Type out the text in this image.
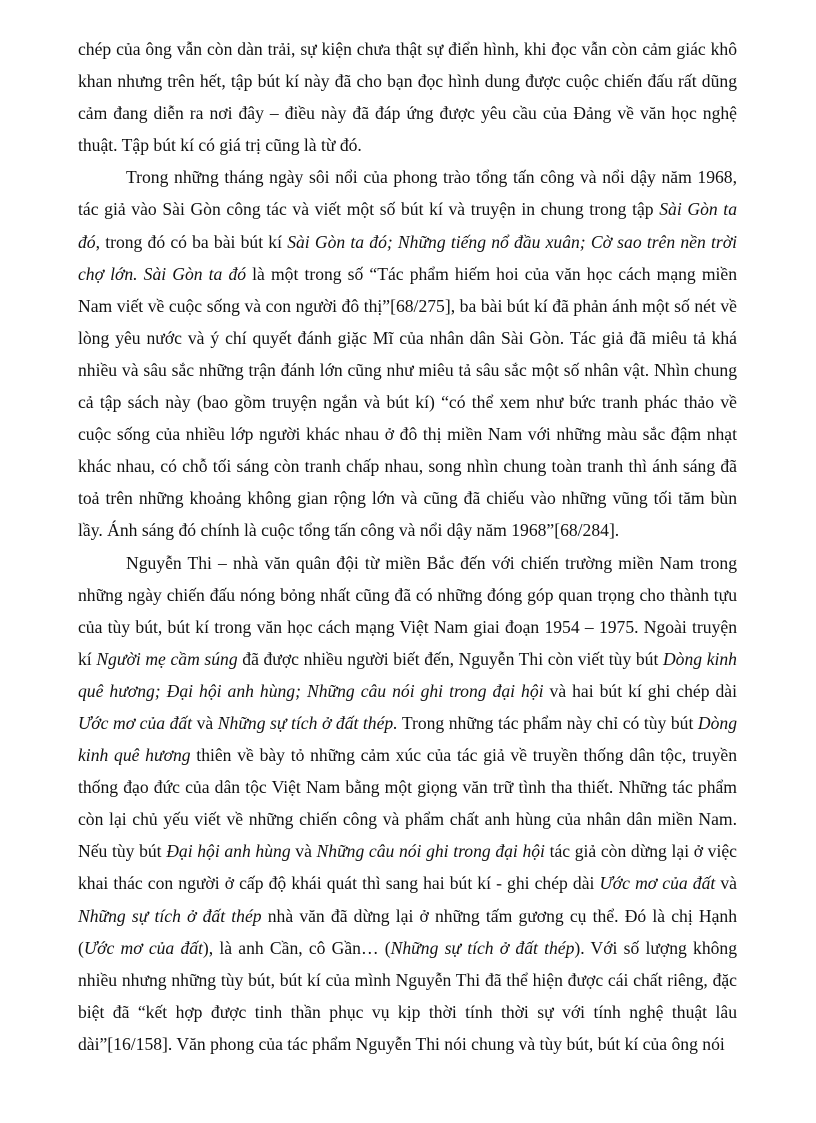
chép của ông vẫn còn dàn trải, sự kiện chưa thật sự điển hình, khi đọc vẫn còn cảm giác khô khan nhưng trên hết, tập bút kí này đã cho bạn đọc hình dung được cuộc chiến đấu rất dũng cảm đang diễn ra nơi đây – điều này đã đáp ứng được yêu cầu của Đảng về văn học nghệ thuật. Tập bút kí có giá trị cũng là từ đó.

Trong những tháng ngày sôi nổi của phong trào tổng tấn công và nổi dậy năm 1968, tác giả vào Sài Gòn công tác và viết một số bút kí và truyện in chung trong tập Sài Gòn ta đó, trong đó có ba bài bút kí Sài Gòn ta đó; Những tiếng nổ đầu xuân; Cờ sao trên nền trời chợ lớn. Sài Gòn ta đó là một trong số “Tác phẩm hiếm hoi của văn học cách mạng miền Nam viết về cuộc sống và con người đô thị”[68/275], ba bài bút kí đã phản ánh một số nét về lòng yêu nước và ý chí quyết đánh giặc Mĩ của nhân dân Sài Gòn. Tác giả đã miêu tả khá nhiều và sâu sắc những trận đánh lớn cũng như miêu tả sâu sắc một số nhân vật. Nhìn chung cả tập sách này (bao gồm truyện ngắn và bút kí) “có thể xem như bức tranh phác thảo về cuộc sống của nhiều lớp người khác nhau ở đô thị miền Nam với những màu sắc đậm nhạt khác nhau, có chỗ tối sáng còn tranh chấp nhau, song nhìn chung toàn tranh thì ánh sáng đã toả trên những khoảng không gian rộng lớn và cũng đã chiếu vào những vũng tối tăm bùn lầy. Ánh sáng đó chính là cuộc tổng tấn công và nổi dậy năm 1968”[68/284].

Nguyễn Thi – nhà văn quân đội từ miền Bắc đến với chiến trường miền Nam trong những ngày chiến đấu nóng bỏng nhất cũng đã có những đóng góp quan trọng cho thành tựu của tùy bút, bút kí trong văn học cách mạng Việt Nam giai đoạn 1954 – 1975. Ngoài truyện kí Người mẹ cầm súng đã được nhiều người biết đến, Nguyễn Thi còn viết tùy bút Dòng kinh quê hương; Đại hội anh hùng; Những câu nói ghi trong đại hội và hai bút kí ghi chép dài Ước mơ của đất và Những sự tích ở đất thép. Trong những tác phẩm này chỉ có tùy bút Dòng kinh quê hương thiên về bày tỏ những cảm xúc của tác giả về truyền thống dân tộc, truyền thống đạo đức của dân tộc Việt Nam bằng một giọng văn trữ tình tha thiết. Những tác phẩm còn lại chủ yếu viết về những chiến công và phẩm chất anh hùng của nhân dân miền Nam. Nếu tùy bút Đại hội anh hùng và Những câu nói ghi trong đại hội tác giả còn dừng lại ở việc khai thác con người ở cấp độ khái quát thì sang hai bút kí - ghi chép dài Ước mơ của đất và Những sự tích ở đất thép nhà văn đã dừng lại ở những tấm gương cụ thể. Đó là chị Hạnh (Ước mơ của đất), là anh Cần, cô Gần… (Những sự tích ở đất thép). Với số lượng không nhiều nhưng những tùy bút, bút kí của mình Nguyễn Thi đã thể hiện được cái chất riêng, đặc biệt đã “kết hợp được tinh thần phục vụ kịp thời tính thời sự với tính nghệ thuật lâu dài”[16/158]. Văn phong của tác phẩm Nguyễn Thi nói chung và tùy bút, bút kí của ông nói
